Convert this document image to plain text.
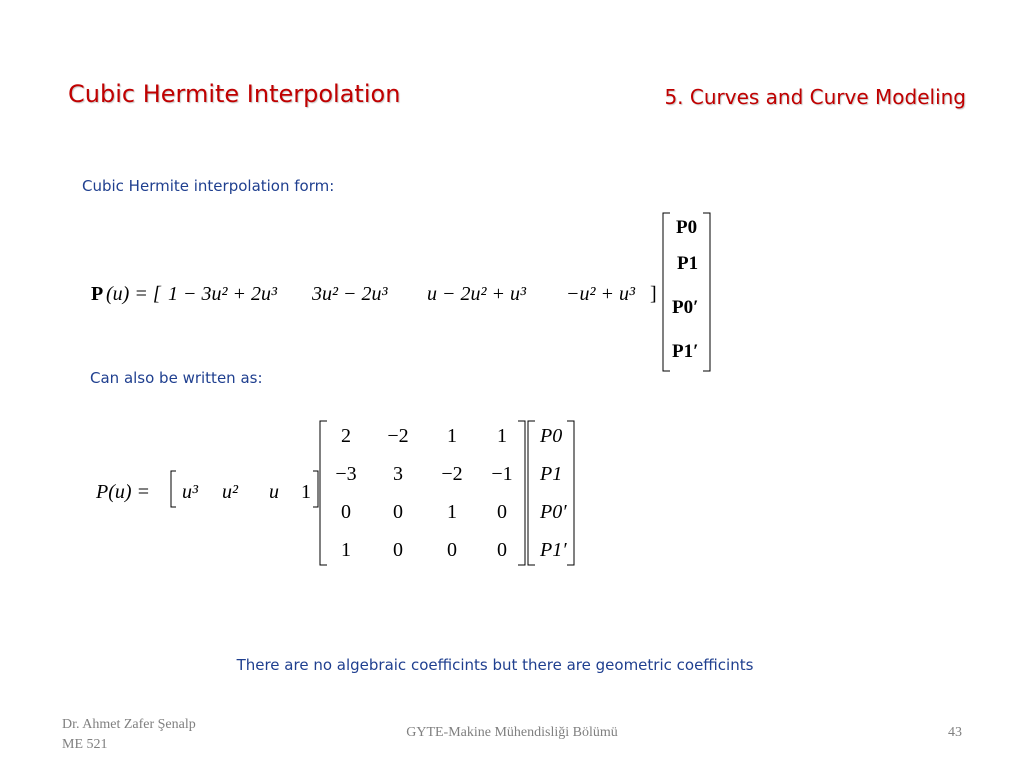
Cubic Hermite Interpolation	5. Curves and Curve Modeling
Cubic Hermite interpolation form:
P (u) = [ 1 − 3u² + 2u³ 3u² − 2u³ u − 2u² + u³ −u² + u³ ]
P0
P1
P0′
P1′
Can also be written as:
P(u) = u³ u² u 1
2 −2 1 1
−3 3 −2 −1
0 0 1 0
1 0 0 0
P0
P1
P0′
P1′
There are no algebraic coefficints but there are geometric coefficints
Dr. Ahmet Zafer Şenalp
ME 521
GYTE-Makine Mühendisliği Bölümü	43
